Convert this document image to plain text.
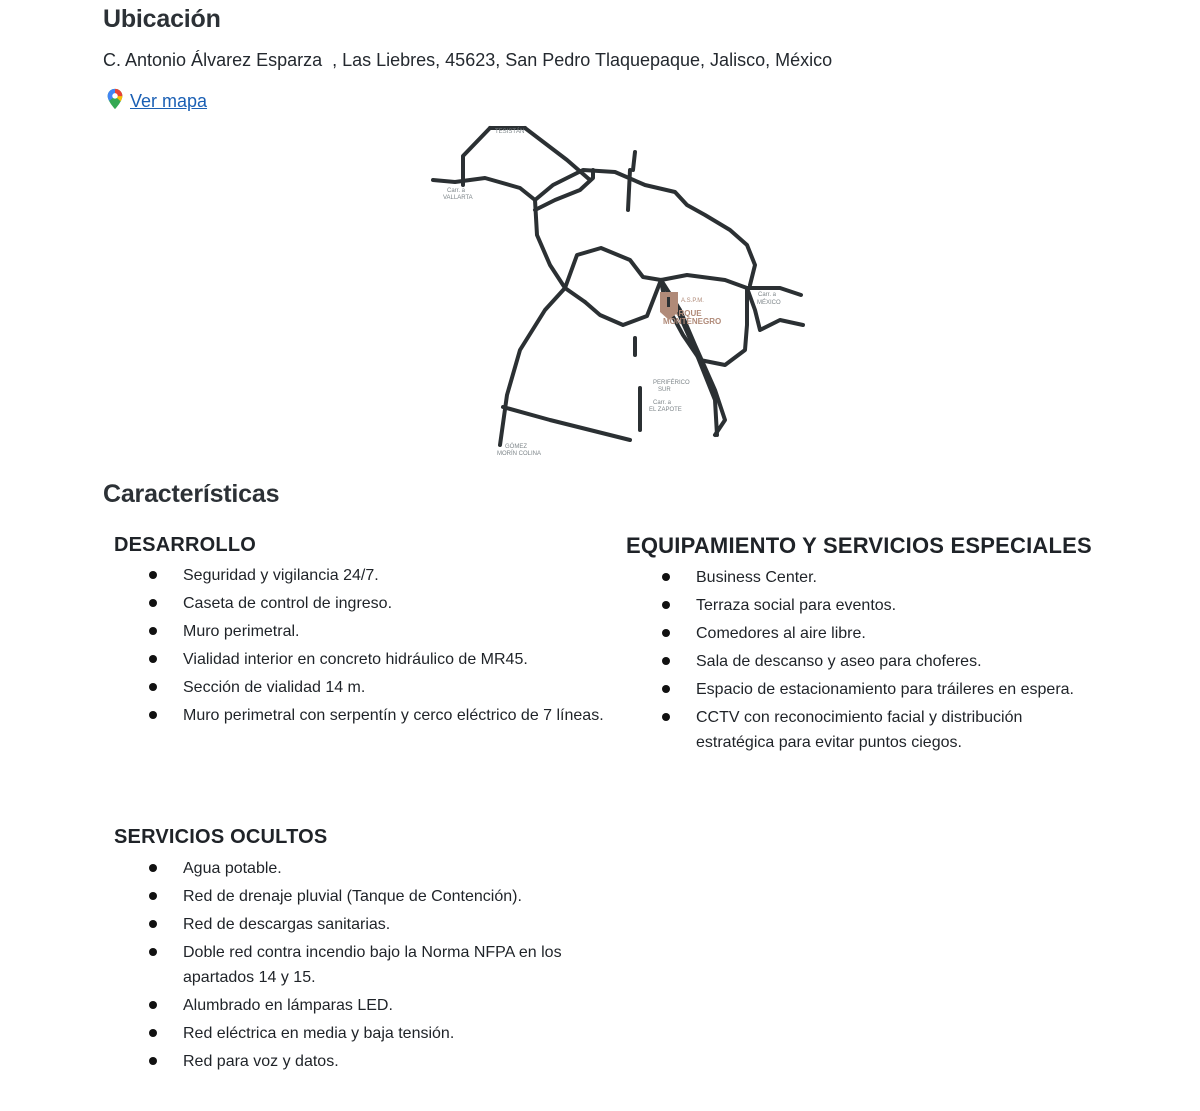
Ubicación
C. Antonio Álvarez Esparza  , Las Liebres, 45623, San Pedro Tlaquepaque, Jalisco, México
Ver mapa
TESISTÁN
Carr. a
VALLARTA
Carr. a
MÉXICO
PERIFÉRICO
SUR
Carr. a
EL ZAPOTE
GÓMEZ
MORÍN COLINA
A.S.P.M.
PARQUE
MONTENEGRO
Características
DESARROLLO
Seguridad y vigilancia 24/7.
Caseta de control de ingreso.
Muro perimetral.
Vialidad interior en concreto hidráulico de MR45.
Sección de vialidad 14 m.
Muro perimetral con serpentín y cerco eléctrico de 7 líneas.
EQUIPAMIENTO Y SERVICIOS ESPECIALES
Business Center.
Terraza social para eventos.
Comedores al aire libre.
Sala de descanso y aseo para choferes.
Espacio de estacionamiento para tráileres en espera.
CCTV con reconocimiento facial y distribución estratégica para evitar puntos ciegos.
SERVICIOS OCULTOS
Agua potable.
Red de drenaje pluvial (Tanque de Contención).
Red de descargas sanitarias.
Doble red contra incendio bajo la Norma NFPA en los apartados 14 y 15.
Alumbrado en lámparas LED.
Red eléctrica en media y baja tensión.
Red para voz y datos.
